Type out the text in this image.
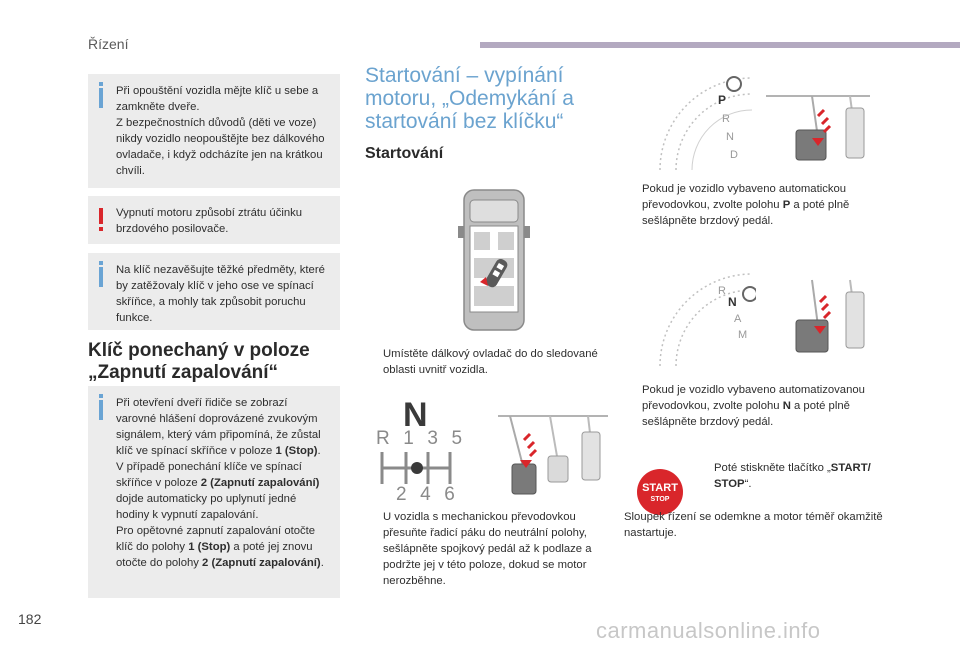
Řízení
182	carmanualsonline.info

Při opouštění vozidla mějte klíč u sebe a zamkněte dveře.
Z bezpečnostních důvodů (děti ve voze) nikdy vozidlo neopouštějte bez dálkového ovladače, i když odcházíte jen na krátkou chvíli.

Vypnutí motoru způsobí ztrátu účinku brzdového posilovače.

Na klíč nezavěšujte těžké předměty, které by zatěžovaly klíč v jeho ose ve spínací skříňce, a mohly tak způsobit poruchu funkce.

Klíč ponechaný v poloze
„Zapnutí zapalování“

Při otevření dveří řidiče se zobrazí varovné hlášení doprovázené zvukovým signálem, který vám připomíná, že zůstal klíč ve spínací skříňce v poloze 1 (Stop).
V případě ponechání klíče ve spínací skříňce v poloze 2 (Zapnutí zapalování) dojde automaticky po uplynutí jedné hodiny k vypnutí zapalování.
Pro opětovné zapnutí zapalování otočte klíč do polohy 1 (Stop) a poté jej znovu otočte do polohy 2 (Zapnutí zapalování).

Startování – vypínání
motoru, „Odemykání a
startování bez klíčku“
Startování
Umístěte dálkový ovladač do do sledované oblasti uvnitř vozidla.
N
R  1  3  5
2  4  6
U vozidla s mechanickou převodovkou přesuňte řadicí páku do neutrální polohy, sešlápněte spojkový pedál až k podlaze a podržte jej v této poloze, dokud se motor nerozběhne.
P
R
N
D
Pokud je vozidlo vybaveno automatickou převodovkou, zvolte polohu P a poté plně sešlápněte brzdový pedál.
R
N
A
M
Pokud je vozidlo vybaveno automatizovanou převodovkou, zvolte polohu N a poté plně sešlápněte brzdový pedál.
START
STOP
Poté stiskněte tlačítko „START/ STOP“.
Sloupek řízení se odemkne a motor téměř okamžitě nastartuje.
